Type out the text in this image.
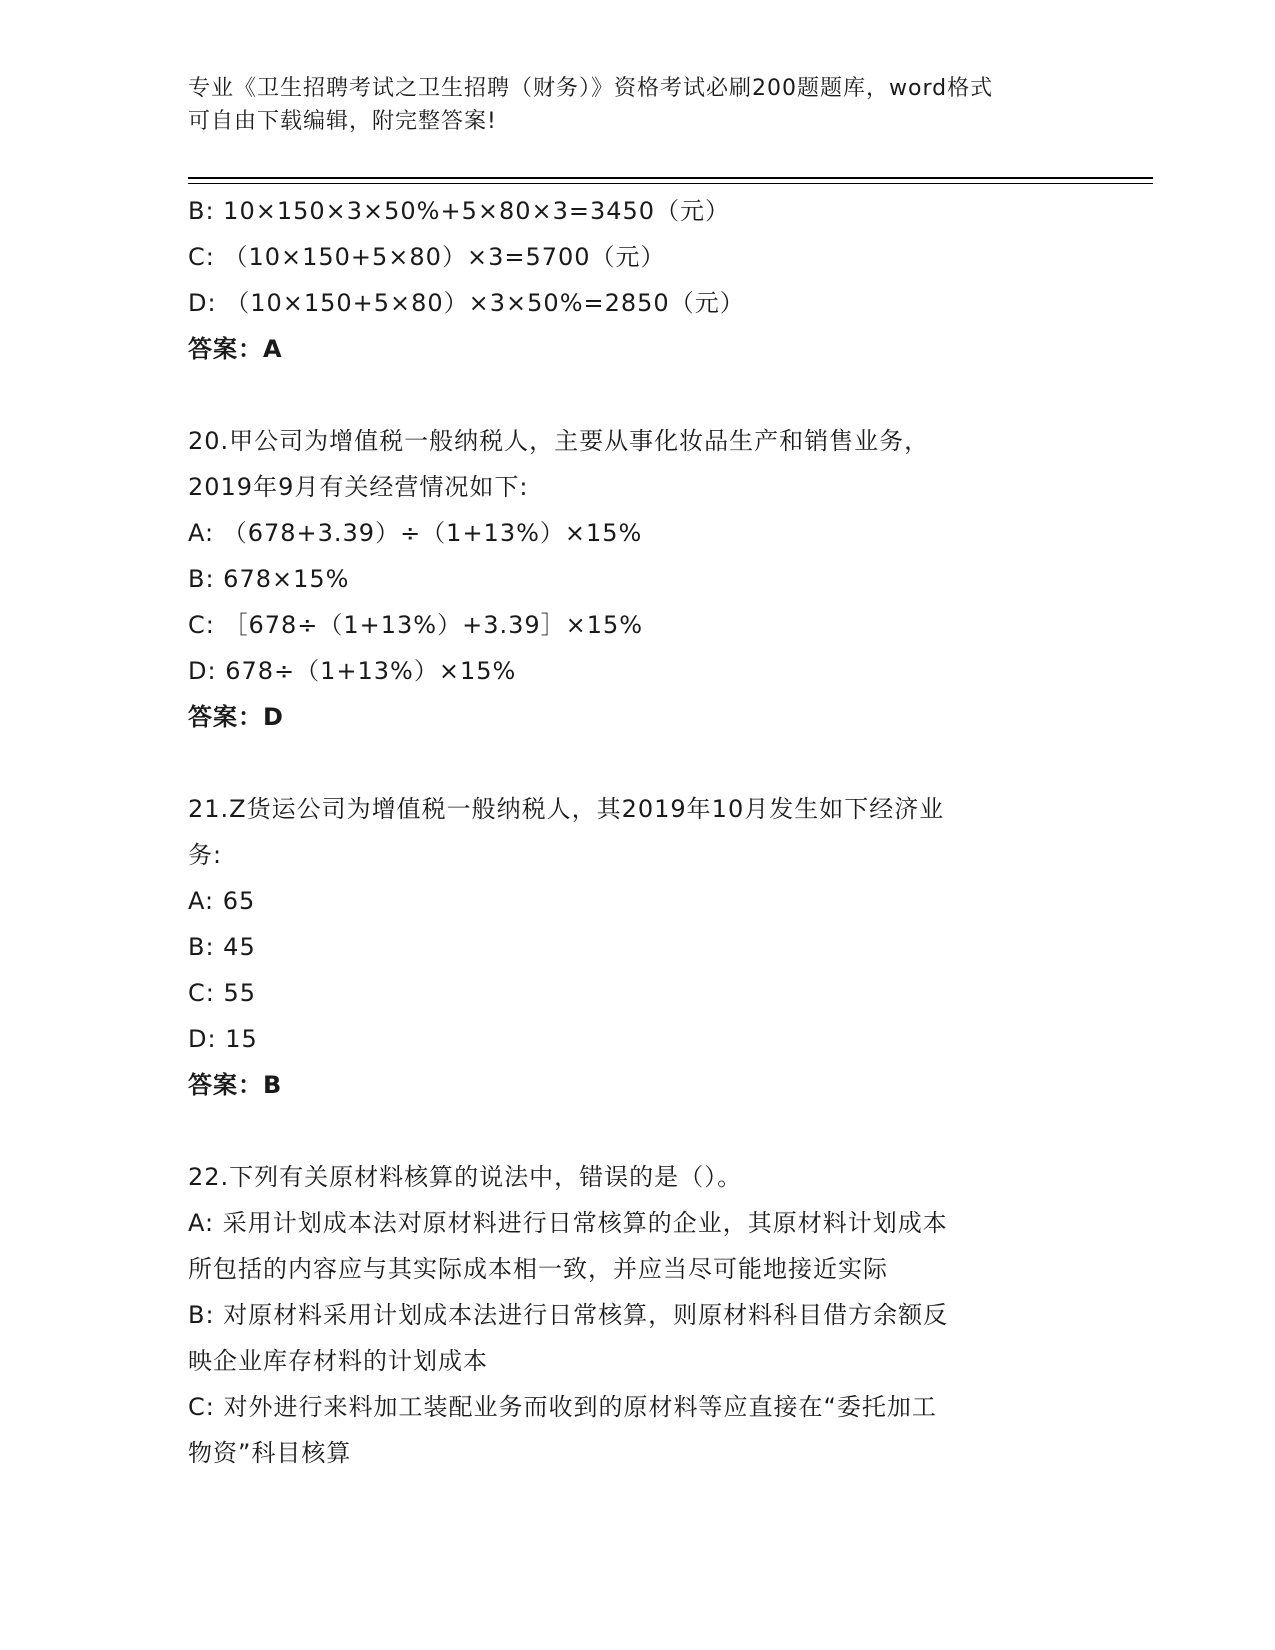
专业《卫生招聘考试之卫生招聘（财务）》资格考试必刷200题题库，word格式
可自由下载编辑，附完整答案!
B: 10×150×3×50%+5×80×3=3450（元）
C: （10×150+5×80）×3=5700（元）
D: （10×150+5×80）×3×50%=2850（元）
答案：A
20.甲公司为增值税一般纳税人，主要从事化妆品生产和销售业务，
2019年9月有关经营情况如下:
A: （678+3.39）÷（1+13%）×15%
B: 678×15%
C: ［678÷（1+13%）+3.39］×15%
D: 678÷（1+13%）×15%
答案：D
21.Z货运公司为增值税一般纳税人，其2019年10月发生如下经济业
务:
A: 65
B: 45
C: 55
D: 15
答案：B
22.下列有关原材料核算的说法中，错误的是（）。
A: 采用计划成本法对原材料进行日常核算的企业，其原材料计划成本
所包括的内容应与其实际成本相一致，并应当尽可能地接近实际
B: 对原材料采用计划成本法进行日常核算，则原材料科目借方余额反
映企业库存材料的计划成本
C: 对外进行来料加工装配业务而收到的原材料等应直接在“委托加工
物资”科目核算
